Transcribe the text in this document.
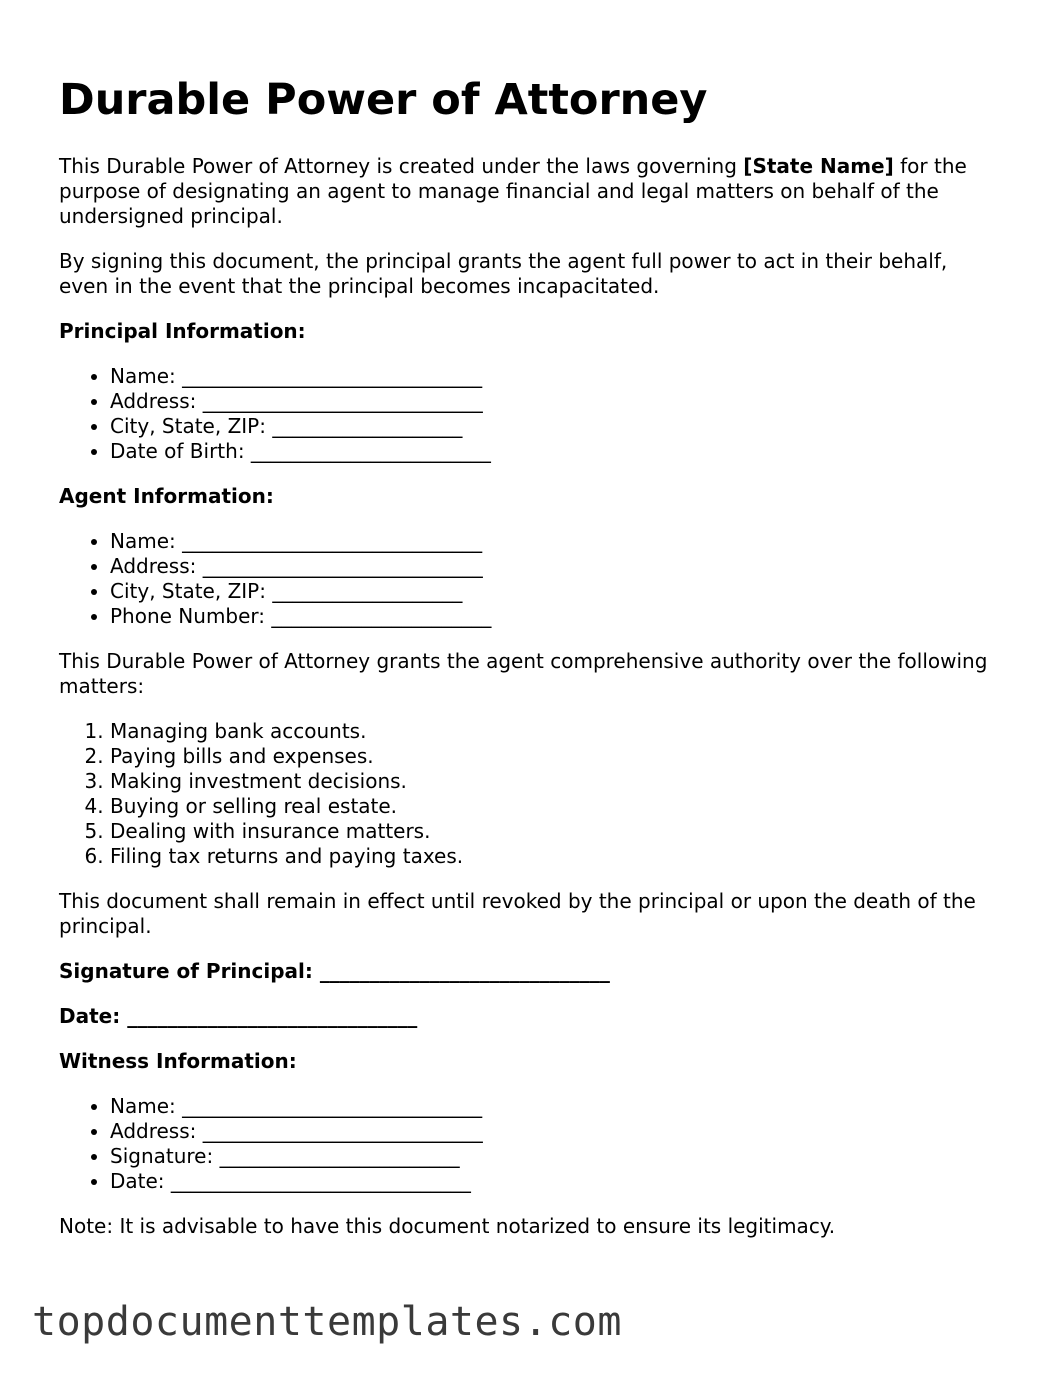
Durable Power of Attorney

This Durable Power of Attorney is created under the laws governing [State Name] for the purpose of designating an agent to manage financial and legal matters on behalf of the undersigned principal.

By signing this document, the principal grants the agent full power to act in their behalf, even in the event that the principal becomes incapacitated.

Principal Information:
• Name: ______________________________
• Address: ____________________________
• City, State, ZIP: ___________________
• Date of Birth: ________________________
Agent Information:
• Name: ______________________________
• Address: ____________________________
• City, State, ZIP: ___________________
• Phone Number: ______________________

This Durable Power of Attorney grants the agent comprehensive authority over the following matters:

1. Managing bank accounts.
2. Paying bills and expenses.
3. Making investment decisions.
4. Buying or selling real estate.
5. Dealing with insurance matters.
6. Filing tax returns and paying taxes.

This document shall remain in effect until revoked by the principal or upon the death of the principal.

Signature of Principal: _____________________________
Date: _____________________________
Witness Information:
• Name: ______________________________
• Address: ____________________________
• Signature: ________________________
• Date: ______________________________

Note: It is advisable to have this document notarized to ensure its legitimacy.

topdocumenttemplates.com
